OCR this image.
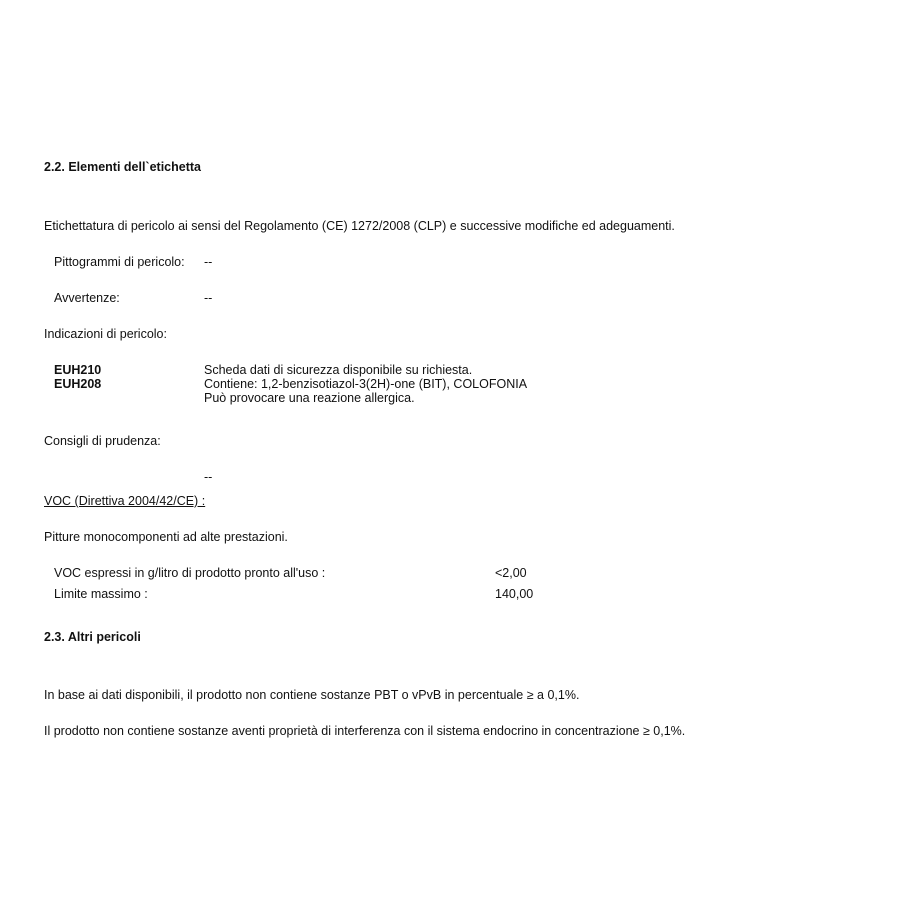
2.2. Elementi dell`etichetta
Etichettatura di pericolo ai sensi del Regolamento (CE) 1272/2008 (CLP) e successive modifiche ed adeguamenti.
Pittogrammi di pericolo: --
Avvertenze:	--
Indicazioni di pericolo:
EUH210	Scheda dati di sicurezza disponibile su richiesta.
EUH208	Contiene: 1,2-benzisotiazol-3(2H)-one (BIT), COLOFONIA
Può provocare una reazione allergica.
Consigli di prudenza:
--
VOC (Direttiva 2004/42/CE) :
Pitture monocomponenti ad alte prestazioni.
VOC espressi in g/litro di prodotto pronto all'uso :	<2,00
Limite massimo :	140,00
2.3. Altri pericoli
In base ai dati disponibili, il prodotto non contiene sostanze PBT o vPvB in percentuale ≥ a 0,1%.
Il prodotto non contiene sostanze aventi proprietà di interferenza con il sistema endocrino in concentrazione ≥ 0,1%.
